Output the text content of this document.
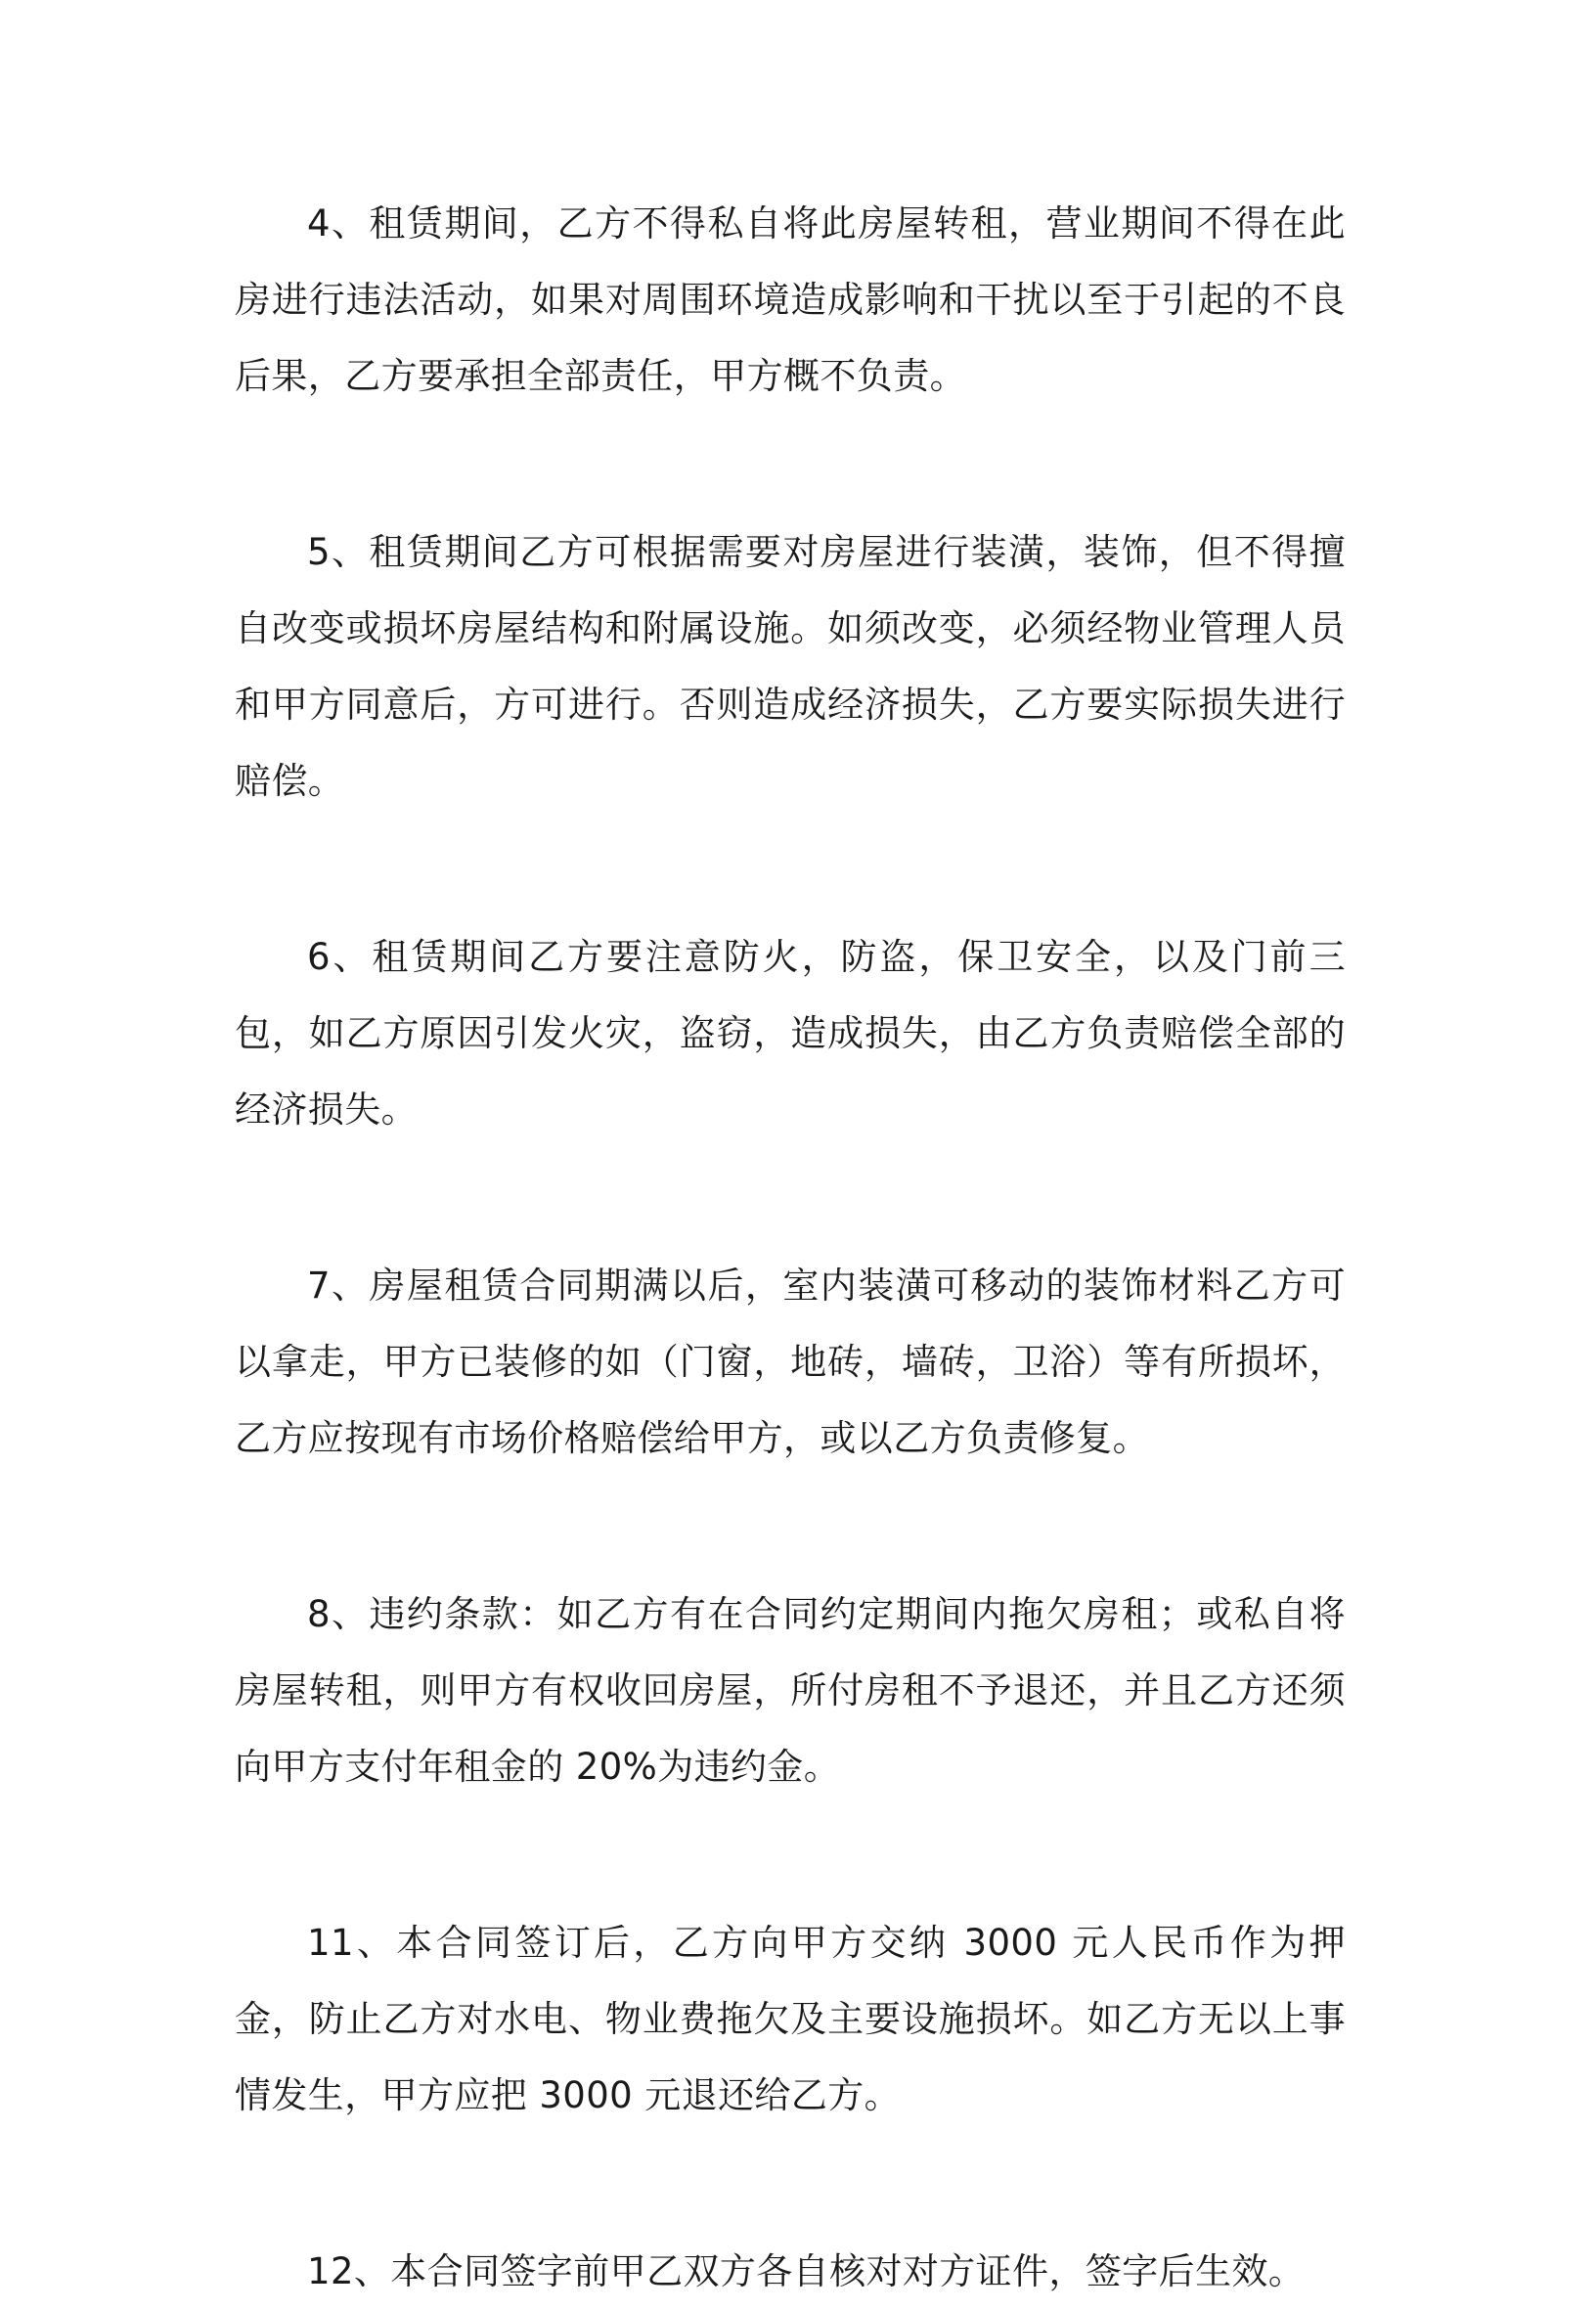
4、租赁期间，乙方不得私自将此房屋转租，营业期间不得在此房进行违法活动，如果对周围环境造成影响和干扰以至于引起的不良后果，乙方要承担全部责任，甲方概不负责。

5、租赁期间乙方可根据需要对房屋进行装潢，装饰，但不得擅自改变或损坏房屋结构和附属设施。如须改变，必须经物业管理人员和甲方同意后，方可进行。否则造成经济损失，乙方要实际损失进行赔偿。

6、租赁期间乙方要注意防火，防盗，保卫安全，以及门前三包，如乙方原因引发火灾，盗窃，造成损失，由乙方负责赔偿全部的经济损失。

7、房屋租赁合同期满以后，室内装潢可移动的装饰材料乙方可以拿走，甲方已装修的如（门窗，地砖，墙砖，卫浴）等有所损坏，乙方应按现有市场价格赔偿给甲方，或以乙方负责修复。

8、违约条款：如乙方有在合同约定期间内拖欠房租；或私自将房屋转租，则甲方有权收回房屋，所付房租不予退还，并且乙方还须向甲方支付年租金的 20%为违约金。

11、本合同签订后，乙方向甲方交纳 3000 元人民币作为押金，防止乙方对水电、物业费拖欠及主要设施损坏。如乙方无以上事情发生，甲方应把 3000 元退还给乙方。

12、本合同签字前甲乙双方各自核对对方证件，签字后生效。
